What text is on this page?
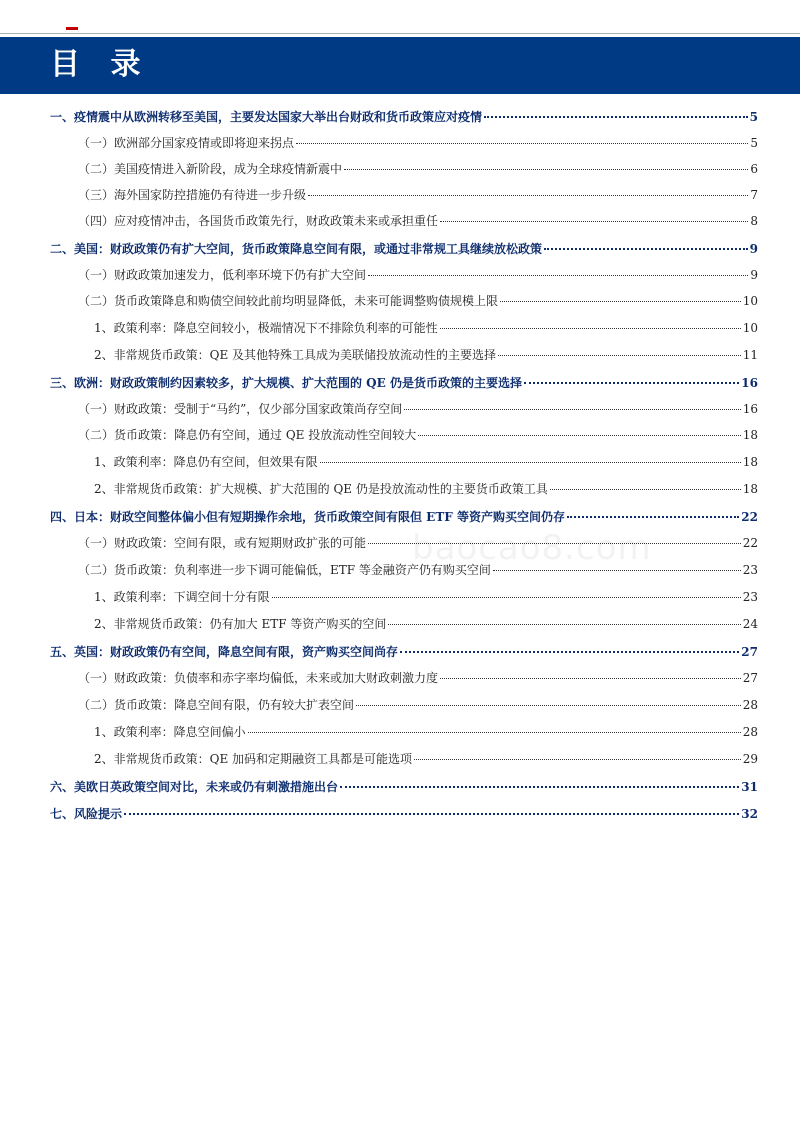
目 录
baocao8.com
一、疫情震中从欧洲转移至美国，主要发达国家大举出台财政和货币政策应对疫情	5
（一）欧洲部分国家疫情或即将迎来拐点	5
（二）美国疫情进入新阶段，成为全球疫情新震中	6
（三）海外国家防控措施仍有待进一步升级	7
（四）应对疫情冲击，各国货币政策先行，财政政策未来或承担重任	8
二、美国：财政政策仍有扩大空间，货币政策降息空间有限，或通过非常规工具继续放松政策	9
（一）财政政策加速发力，低利率环境下仍有扩大空间	9
（二）货币政策降息和购债空间较此前均明显降低，未来可能调整购债规模上限	10
1、政策利率：降息空间较小，极端情况下不排除负利率的可能性	10
2、非常规货币政策：QE 及其他特殊工具成为美联储投放流动性的主要选择	11
三、欧洲：财政政策制约因素较多，扩大规模、扩大范围的 QE 仍是货币政策的主要选择	16
（一）财政政策：受制于“马约”，仅少部分国家政策尚存空间	16
（二）货币政策：降息仍有空间，通过 QE 投放流动性空间较大	18
1、政策利率：降息仍有空间，但效果有限	18
2、非常规货币政策：扩大规模、扩大范围的 QE 仍是投放流动性的主要货币政策工具	18
四、日本：财政空间整体偏小但有短期操作余地，货币政策空间有限但 ETF 等资产购买空间仍存	22
（一）财政政策：空间有限，或有短期财政扩张的可能	22
（二）货币政策：负利率进一步下调可能偏低，ETF 等金融资产仍有购买空间	23
1、政策利率：下调空间十分有限	23
2、非常规货币政策：仍有加大 ETF 等资产购买的空间	24
五、英国：财政政策仍有空间，降息空间有限，资产购买空间尚存	27
（一）财政政策：负债率和赤字率均偏低，未来或加大财政刺激力度	27
（二）货币政策：降息空间有限，仍有较大扩表空间	28
1、政策利率：降息空间偏小	28
2、非常规货币政策：QE 加码和定期融资工具都是可能选项	29
六、美欧日英政策空间对比，未来或仍有刺激措施出台	31
七、风险提示	32
